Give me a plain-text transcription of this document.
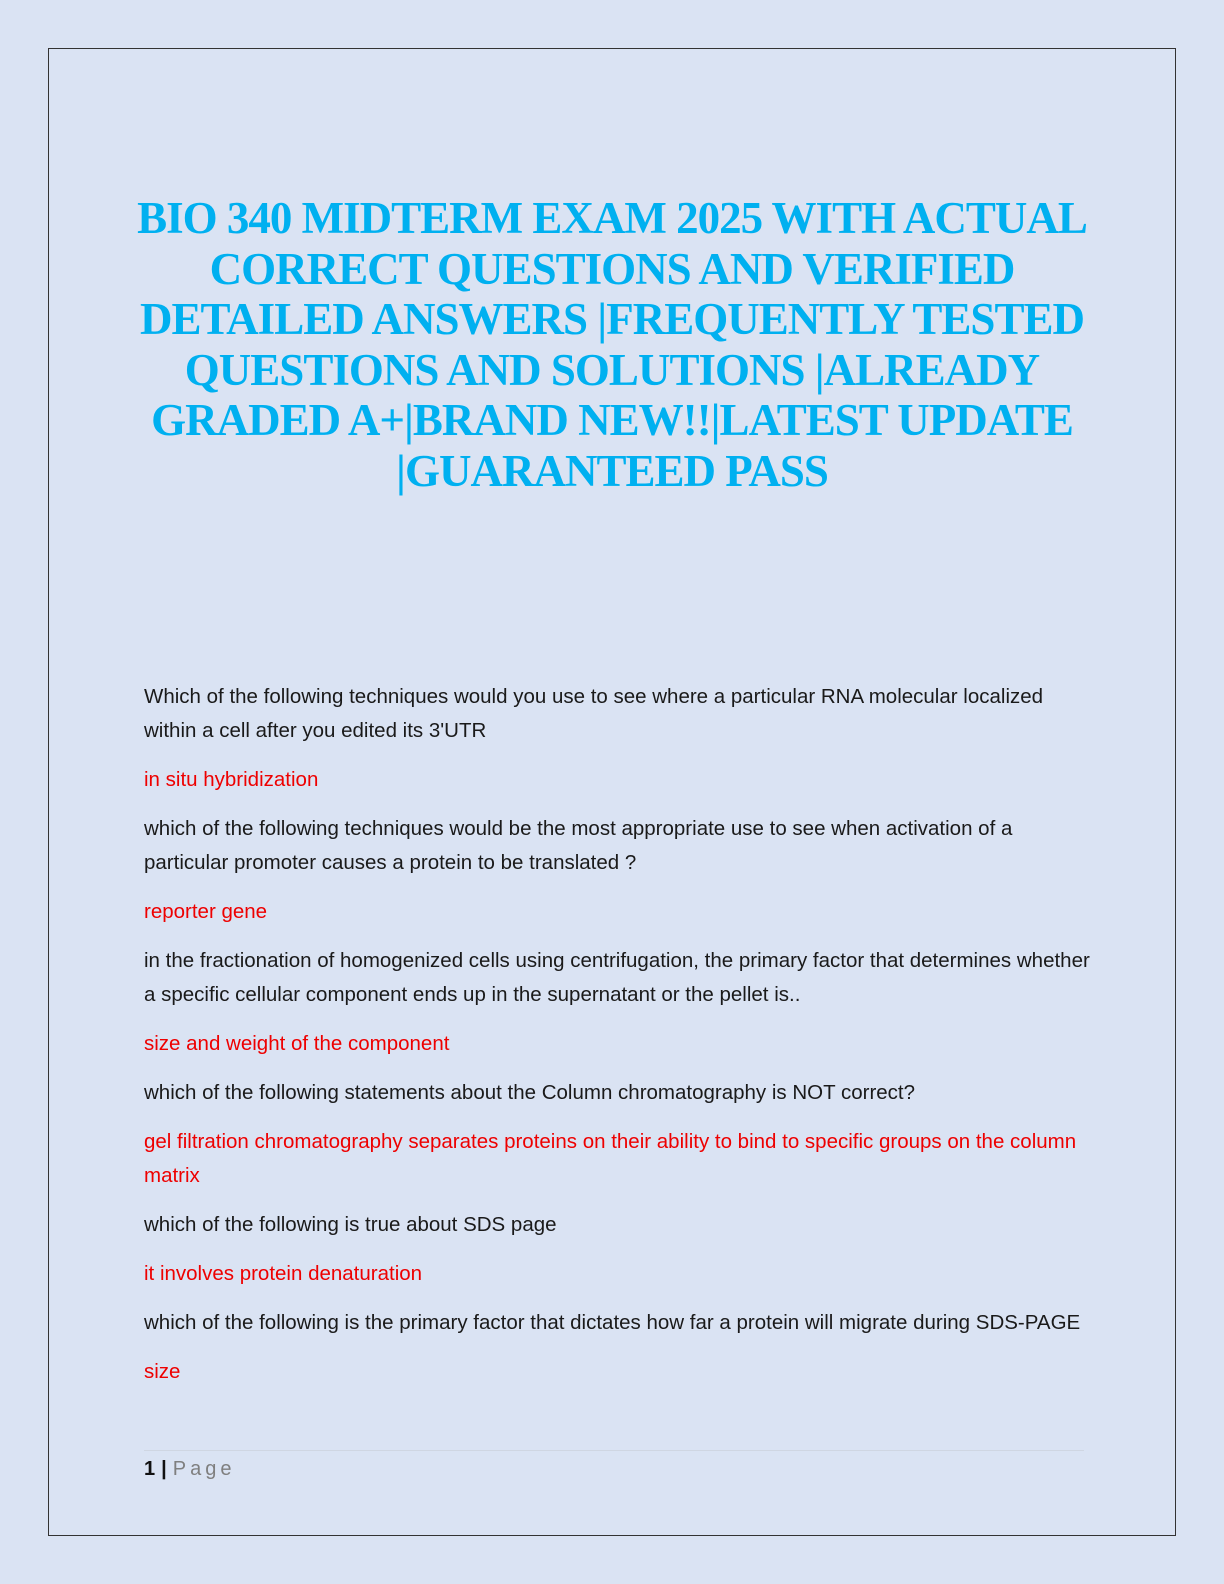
BIO 340 MIDTERM EXAM 2025 WITH ACTUAL CORRECT QUESTIONS AND VERIFIED DETAILED ANSWERS |FREQUENTLY TESTED QUESTIONS AND SOLUTIONS |ALREADY GRADED A+|BRAND NEW!!|LATEST UPDATE |GUARANTEED PASS

Which of the following techniques would you use to see where a particular RNA molecular localized within a cell after you edited its 3'UTR

in situ hybridization

which of the following techniques would be the most appropriate use to see when activation of a particular promoter causes a protein to be translated ?

reporter gene

in the fractionation of homogenized cells using centrifugation, the primary factor that determines whether a specific cellular component ends up in the supernatant or the pellet is..

size and weight of the component

which of the following statements about the Column chromatography is NOT correct?

gel filtration chromatography separates proteins on their ability to bind to specific groups on the column matrix

which of the following is true about SDS page

it involves protein denaturation

which of the following is the primary factor that dictates how far a protein will migrate during SDS-PAGE

size

1 | Page
